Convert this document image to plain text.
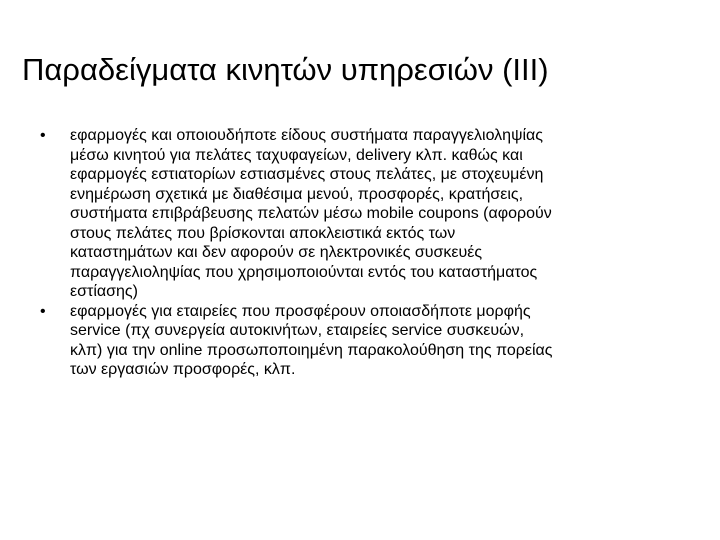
Παραδείγματα κινητών υπηρεσιών (ΙΙΙ)
• εφαρμογές και οποιουδήποτε είδους συστήματα παραγγελιοληψίας
μέσω κινητού για πελάτες ταχυφαγείων, delivery κλπ. καθώς και
εφαρμογές εστιατορίων εστιασμένες στους πελάτες, με στοχευμένη
ενημέρωση σχετικά με διαθέσιμα μενού, προσφορές, κρατήσεις,
συστήματα επιβράβευσης πελατών μέσω mobile coupons (αφορούν
στους πελάτες που βρίσκονται αποκλειστικά εκτός των
καταστημάτων και δεν αφορούν σε ηλεκτρονικές συσκευές
παραγγελιοληψίας που χρησιμοποιούνται εντός του καταστήματος
εστίασης)
• εφαρμογές για εταιρείες που προσφέρουν οποιασδήποτε μορφής
service (πχ συνεργεία αυτοκινήτων, εταιρείες service συσκευών,
κλπ) για την online προσωποποιημένη παρακολούθηση της πορείας
των εργασιών προσφορές, κλπ.
